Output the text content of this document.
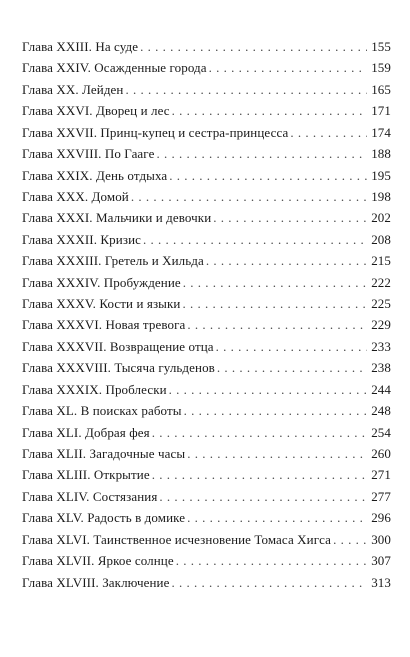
Глава XXIII. На суде . . .	155
Глава XXIV. Осажденные города . . .	159
Глава XX. Лейден . . .	165
Глава XXVI. Дворец и лес . . .	171
Глава XXVII. Принц-купец и сестра-принцесса . . .	174
Глава XXVIII. По Гааге . . .	188
Глава XXIX. День отдыха . . .	195
Глава XXX. Домой . . .	198
Глава XXXI. Мальчики и девочки . . .	202
Глава XXXII. Кризис . . .	208
Глава XXXIII. Гретель и Хильда . . .	215
Глава XXXIV. Пробуждение . . .	222
Глава XXXV. Кости и языки . . .	225
Глава XXXVI. Новая тревога . . .	229
Глава XXXVII. Возвращение отца . . .	233
Глава XXXVIII. Тысяча гульденов . . .	238
Глава XXXIX. Проблески . . .	244
Глава XL. В поисках работы . . .	248
Глава XLI. Добрая фея . . .	254
Глава XLII. Загадочные часы . . .	260
Глава XLIII. Открытие . . .	271
Глава XLIV. Состязания . . .	277
Глава XLV. Радость в домике . . .	296
Глава XLVI. Таинственное исчезновение Томаса Хигса . . .	300
Глава XLVII. Яркое солнце . . .	307
Глава XLVIII. Заключение . . .	313
